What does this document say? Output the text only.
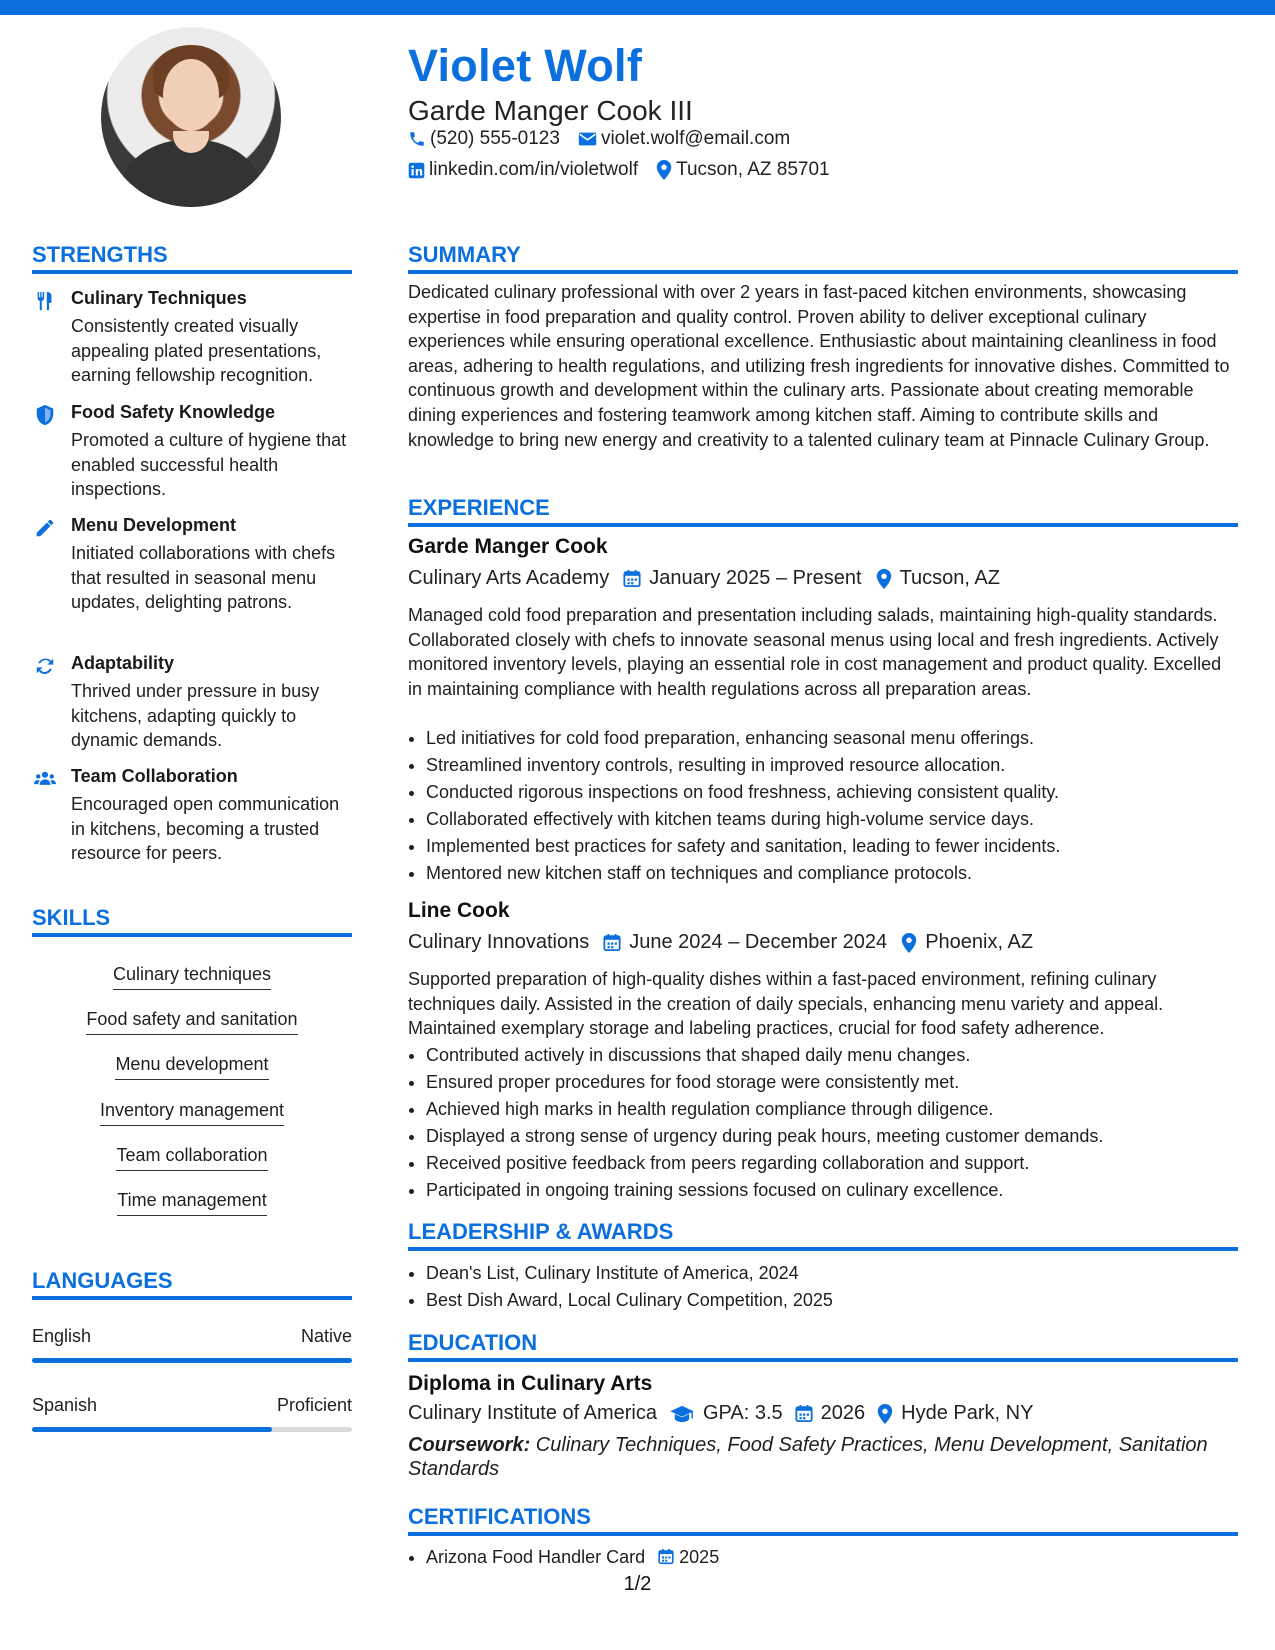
Violet Wolf
Garde Manger Cook III
(520) 555-0123 violet.wolf@email.com
linkedin.com/in/violetwolf Tucson, AZ 85701
STRENGTHS
Culinary Techniques
Consistently created visually appealing plated presentations, earning fellowship recognition.
Food Safety Knowledge
Promoted a culture of hygiene that enabled successful health inspections.
Menu Development
Initiated collaborations with chefs that resulted in seasonal menu updates, delighting patrons.
Adaptability
Thrived under pressure in busy kitchens, adapting quickly to dynamic demands.
Team Collaboration
Encouraged open communication in kitchens, becoming a trusted resource for peers.
SKILLS
Culinary techniques
Food safety and sanitation
Menu development
Inventory management
Team collaboration
Time management
LANGUAGES
English	Native
Spanish	Proficient
SUMMARY
Dedicated culinary professional with over 2 years in fast-paced kitchen environments, showcasing expertise in food preparation and quality control. Proven ability to deliver exceptional culinary experiences while ensuring operational excellence. Enthusiastic about maintaining cleanliness in food areas, adhering to health regulations, and utilizing fresh ingredients for innovative dishes. Committed to continuous growth and development within the culinary arts. Passionate about creating memorable dining experiences and fostering teamwork among kitchen staff. Aiming to contribute skills and knowledge to bring new energy and creativity to a talented culinary team at Pinnacle Culinary Group.
EXPERIENCE
Garde Manger Cook
Culinary Arts Academy January 2025 – Present Tucson, AZ
Managed cold food preparation and presentation including salads, maintaining high-quality standards. Collaborated closely with chefs to innovate seasonal menus using local and fresh ingredients. Actively monitored inventory levels, playing an essential role in cost management and product quality. Excelled in maintaining compliance with health regulations across all preparation areas.
• Led initiatives for cold food preparation, enhancing seasonal menu offerings.
• Streamlined inventory controls, resulting in improved resource allocation.
• Conducted rigorous inspections on food freshness, achieving consistent quality.
• Collaborated effectively with kitchen teams during high-volume service days.
• Implemented best practices for safety and sanitation, leading to fewer incidents.
• Mentored new kitchen staff on techniques and compliance protocols.
Line Cook
Culinary Innovations June 2024 – December 2024 Phoenix, AZ
Supported preparation of high-quality dishes within a fast-paced environment, refining culinary techniques daily. Assisted in the creation of daily specials, enhancing menu variety and appeal. Maintained exemplary storage and labeling practices, crucial for food safety adherence.
• Contributed actively in discussions that shaped daily menu changes.
• Ensured proper procedures for food storage were consistently met.
• Achieved high marks in health regulation compliance through diligence.
• Displayed a strong sense of urgency during peak hours, meeting customer demands.
• Received positive feedback from peers regarding collaboration and support.
• Participated in ongoing training sessions focused on culinary excellence.
LEADERSHIP & AWARDS
• Dean's List, Culinary Institute of America, 2024
• Best Dish Award, Local Culinary Competition, 2025
EDUCATION
Diploma in Culinary Arts
Culinary Institute of America GPA: 3.5 2026 Hyde Park, NY
Coursework: Culinary Techniques, Food Safety Practices, Menu Development, Sanitation Standards
CERTIFICATIONS
• Arizona Food Handler Card 2025
1/2
